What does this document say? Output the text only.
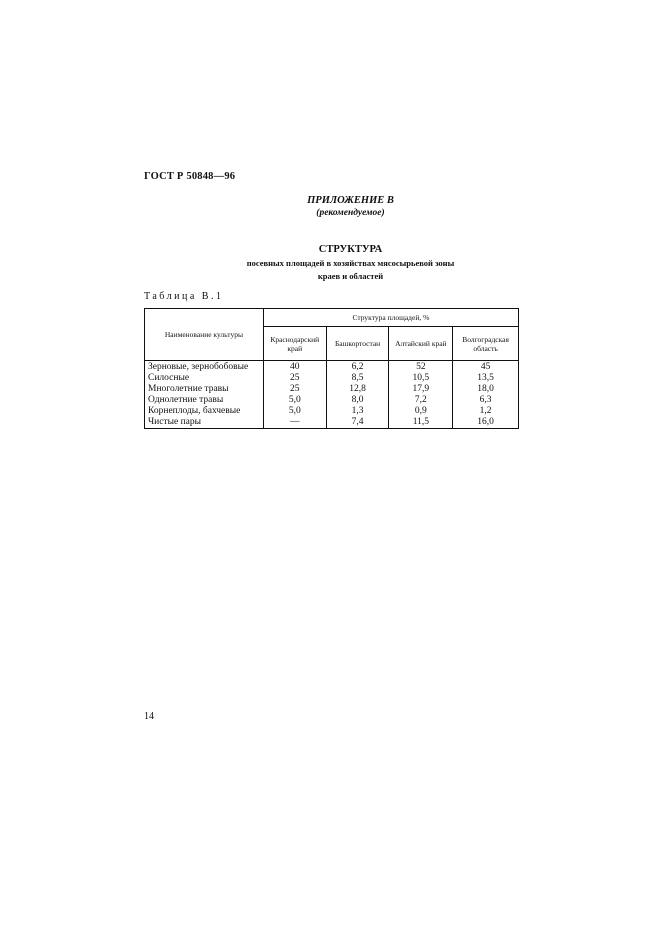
ГОСТ Р 50848—96
ПРИЛОЖЕНИЕ В
(рекомендуемое)
СТРУКТУРА
посевных площадей в хозяйствах мясосырьевой зоны
краев и областей
Таблица В.1
Наименование культуры	Структура площадей, %			
	Краснодарский край	Башкортостан	Алтайский край	Волгоградская область
Зерновые, зернобобовые	40	6,2	52	45
Силосные	25	8,5	10,5	13,5
Многолетние травы	25	12,8	17,9	18,0
Однолетние травы	5,0	8,0	7,2	6,3
Корнеплоды, бахчевые	5,0	1,3	0,9	1,2
Чистые пары	—	7,4	11,5	16,0
14
